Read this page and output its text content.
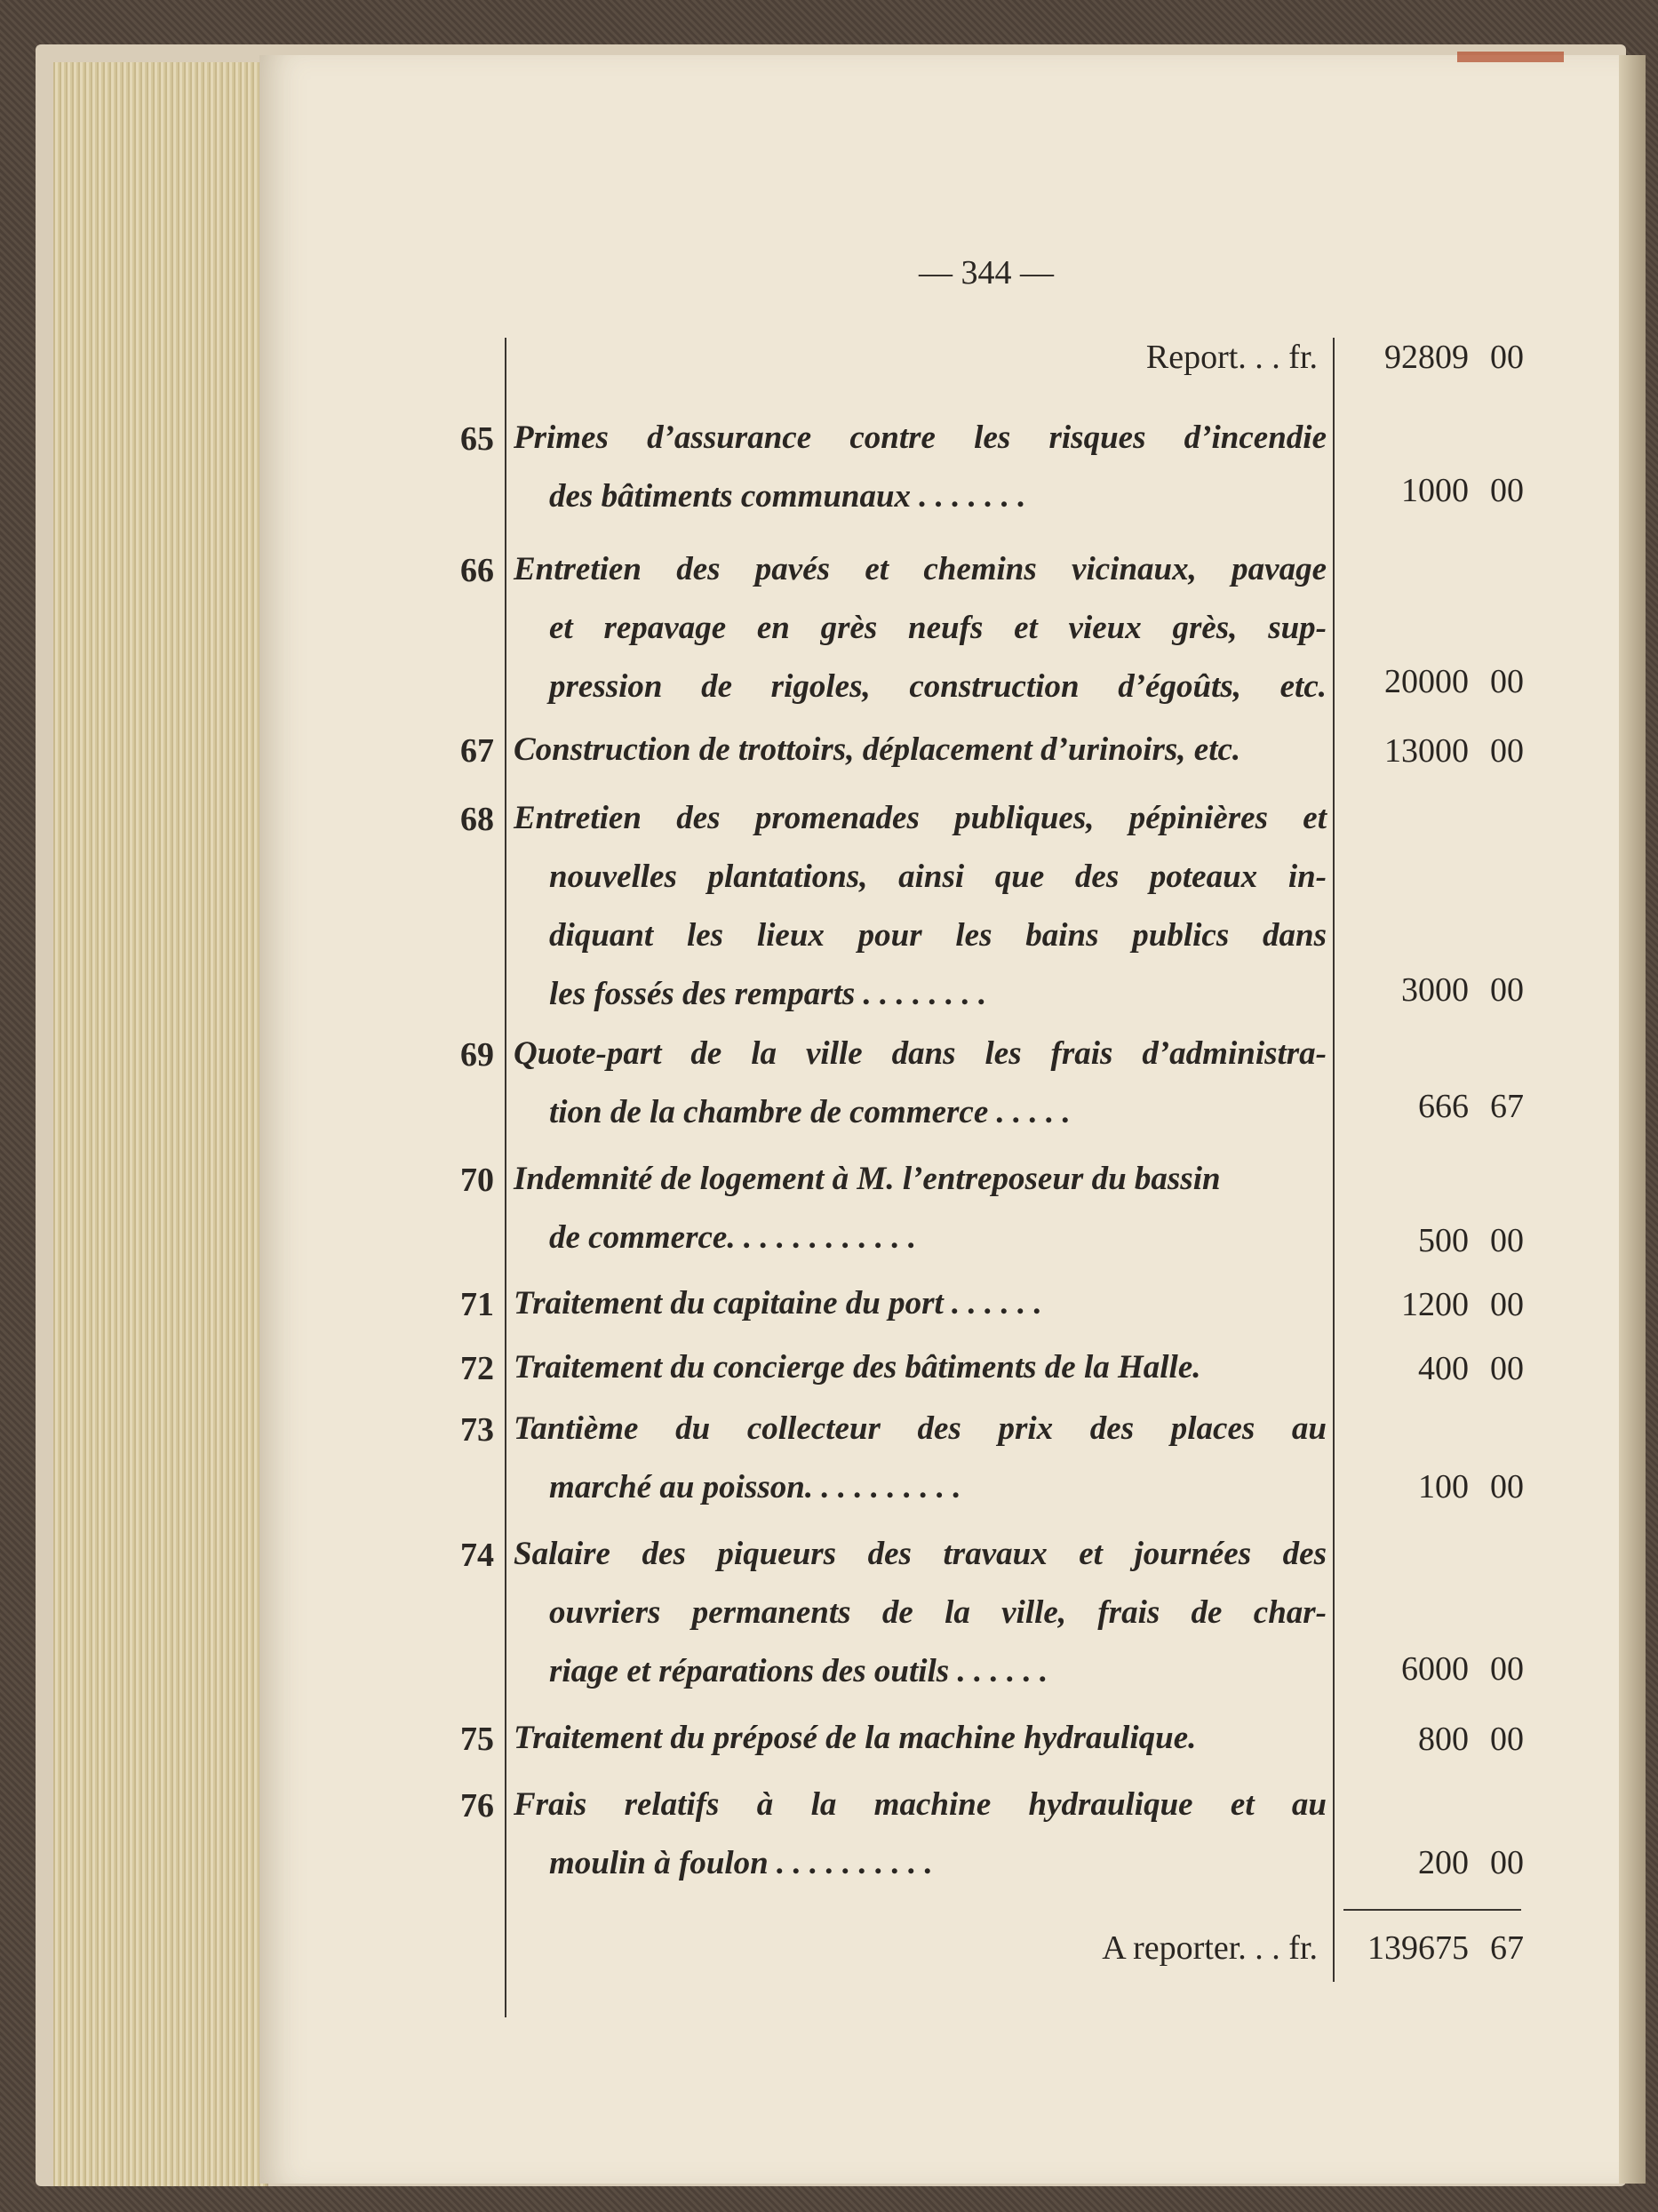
— 344 —
Report. . . fr.	92809 00
65 Primes d’assurance contre les risques d’incendie
des bâtiments communaux . . . . . . .	1000 00
66 Entretien des pavés et chemins vicinaux, pavage
et repavage en grès neufs et vieux grès, sup-
pression de rigoles, construction d’égoûts, etc.	20000 00
67 Construction de trottoirs, déplacement d’urinoirs, etc.	13000 00
68 Entretien des promenades publiques, pépinières et
nouvelles plantations, ainsi que des poteaux in-
diquant les lieux pour les bains publics dans
les fossés des remparts . . . . . . . .	3000 00
69 Quote-part de la ville dans les frais d’administra-
tion de la chambre de commerce . . . . .	666 67
70 Indemnité de logement à M. l’entreposeur du bassin
de commerce. . . . . . . . . . . .	500 00
71 Traitement du capitaine du port . . . . . .	1200 00
72 Traitement du concierge des bâtiments de la Halle.	400 00
73 Tantième du collecteur des prix des places au
marché au poisson. . . . . . . . . .	100 00
74 Salaire des piqueurs des travaux et journées des
ouvriers permanents de la ville, frais de char-
riage et réparations des outils . . . . . .	6000 00
75 Traitement du préposé de la machine hydraulique.	800 00
76 Frais relatifs à la machine hydraulique et au
moulin à foulon . . . . . . . . . .	200 00
A reporter. . . fr.	139675 67
